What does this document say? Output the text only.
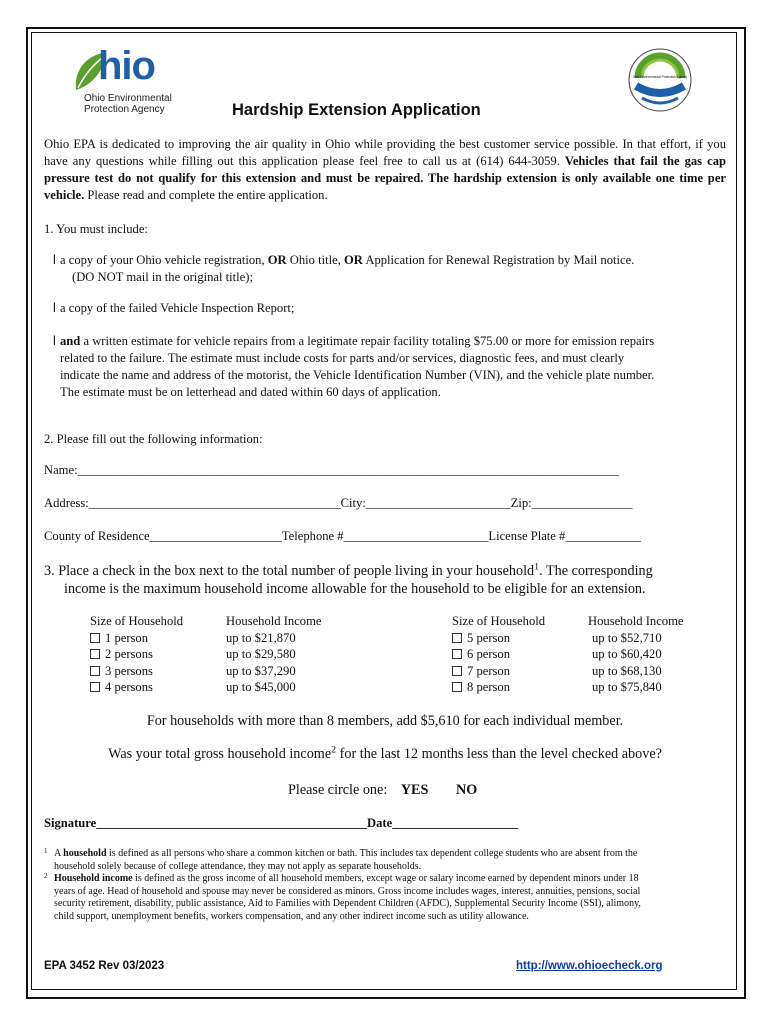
hio
Ohio Environmental
Protection Agency
Ohio Environmental Protection Agency
Hardship Extension Application
Ohio EPA is dedicated to improving the air quality in Ohio while providing the best customer service possible. In that effort, if you have any questions while filling out this application please feel free to call us at (614) 644-3059. Vehicles that fail the gas cap pressure test do not qualify for this extension and must be repaired. The hardship extension is only available one time per vehicle. Please read and complete the entire application.
1. You must include:
l a copy of your Ohio vehicle registration, OR Ohio title, OR Application for Renewal Registration by Mail notice.
(DO NOT mail in the original title);
l a copy of the failed Vehicle Inspection Report;
l and a written estimate for vehicle repairs from a legitimate repair facility totaling $75.00 or more for emission repairs
related to the failure. The estimate must include costs for parts and/or services, diagnostic fees, and must clearly
indicate the name and address of the motorist, the Vehicle Identification Number (VIN), and the vehicle plate number.
The estimate must be on letterhead and dated within 60 days of application.
2. Please fill out the following information:
Name:______________________________________________________________________________________
Address:________________________________________City:_______________________Zip:________________
County of Residence_____________________Telephone #_______________________License Plate #____________
3. Place a check in the box next to the total number of people living in your household$^1$. The corresponding
income is the maximum household income allowable for the household to be eligible for an extension.
Size of Household
1 person
2 persons
3 persons
4 persons
Household Income
up to $21,870
up to $29,580
up to $37,290
up to $45,000
Size of Household
5 person
6 person
7 person
8 person
Household Income
up to $52,710
up to $60,420
up to $68,130
up to $75,840
For households with more than 8 members, add $5,610 for each individual member.
Was your total gross household income$^2$ for the last 12 months less than the level checked above?
Please circle one: YES NO
Signature___________________________________________Date____________________
1 A household is defined as all persons who share a common kitchen or bath. This includes tax dependent college students who are absent from the
household solely because of college attendance, they may not apply as separate households.
2 Household income is defined as the gross income of all household members, except wage or salary income earned by dependent minors under 18
years of age. Head of household and spouse may never be considered as minors. Gross income includes wages, interest, annuities, pensions, social
security retirement, disability, public assistance, Aid to Families with Dependent Children (AFDC), Supplemental Security Income (SSI), alimony,
child support, unemployment benefits, workers compensation, and any other indirect income such as utility allowance.
EPA 3452 Rev 03/2023	http://www.ohioecheck.org
